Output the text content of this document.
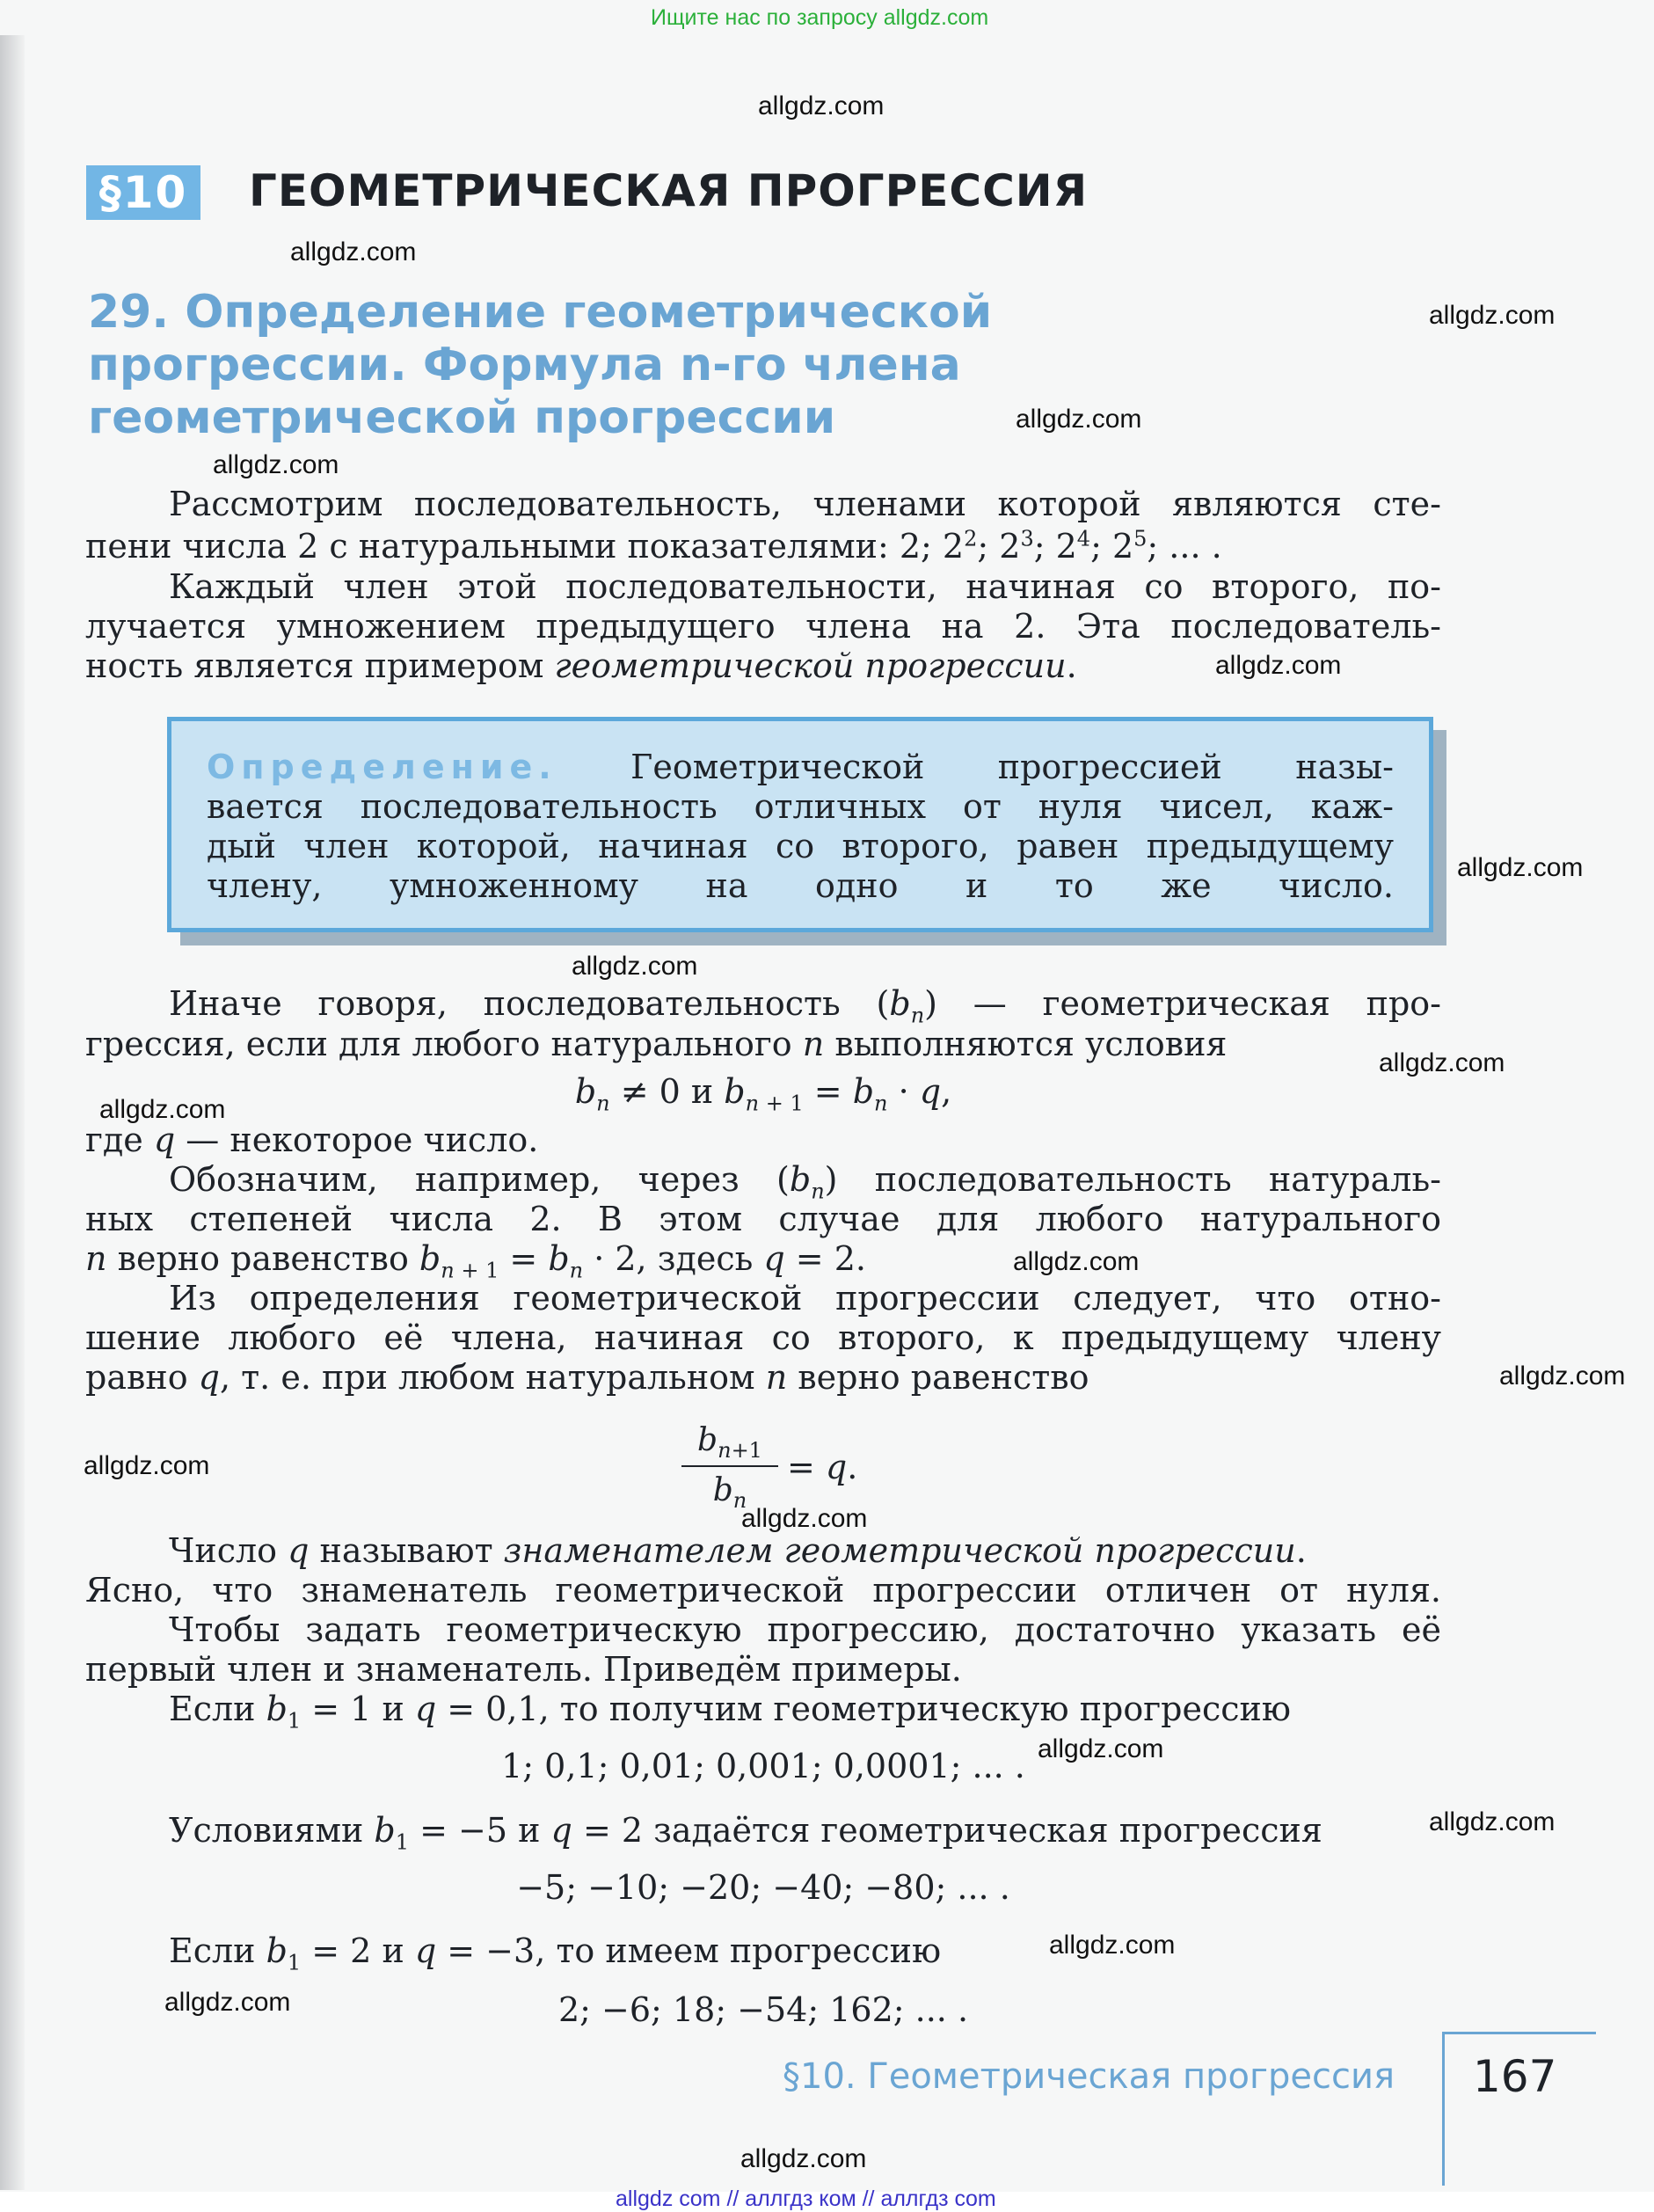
Ищите нас по запросу allgdz.com
allgdz.com
allgdz.com
allgdz.com
allgdz.com
allgdz.com
allgdz.com
allgdz.com
allgdz.com
allgdz.com
allgdz.com
allgdz.com
allgdz.com
allgdz.com
allgdz.com
allgdz.com
allgdz.com
allgdz.com
allgdz.com
allgdz.com
§10 ГЕОМЕТРИЧЕСКАЯ ПРОГРЕССИЯ
29. Определение геометрической прогрессии. Формула n-го члена геометрической прогрессии
Рассмотрим последовательность, членами которой являются сте-
пени числа 2 с натуральными показателями: 2; $2^2$; $2^3$; $2^4$; $2^5$; ... .
Каждый член этой последовательности, начиная со второго, по-
лучается умножением предыдущего члена на 2. Эта последователь-
ность является примером геометрической прогрессии.
Определение. Геометрической прогрессией назы-
вается последовательность отличных от нуля чисел, каж-
дый член которой, начиная со второго, равен предыдущему
члену, умноженному на одно и то же число.
Иначе говоря, последовательность $(b_n)$ — геометрическая про-
грессия, если для любого натурального n выполняются условия
$b_n \ne 0$ и $b_{n + 1} = b_n \cdot q$,
где q — некоторое число.
Обозначим, например, через $(b_n)$ последовательность натураль-
ных степеней числа 2. В этом случае для любого натурального
n верно равенство $b_{n + 1} = b_n \cdot 2$, здесь q = 2.
Из определения геометрической прогрессии следует, что отно-
шение любого её члена, начиная со второго, к предыдущему члену
равно q, т. е. при любом натуральном n верно равенство
$b_{n+1}$
$b_n$
= q.
Число q называют знаменателем геометрической прогрессии.
Ясно, что знаменатель геометрической прогрессии отличен от нуля.
Чтобы задать геометрическую прогрессию, достаточно указать её
первый член и знаменатель. Приведём примеры.
Если $b_1 = 1$ и q = 0,1, то получим геометрическую прогрессию
1; 0,1; 0,01; 0,001; 0,0001; ... .
Условиями $b_1 = -5$ и q = 2 задаётся геометрическая прогрессия
−5; −10; −20; −40; −80; ... .
Если $b_1 = 2$ и q = −3, то имеем прогрессию
2; −6; 18; −54; 162; ... .
§10. Геометрическая прогрессия 167
allgdz com // аллгдз ком // аллгдз com
